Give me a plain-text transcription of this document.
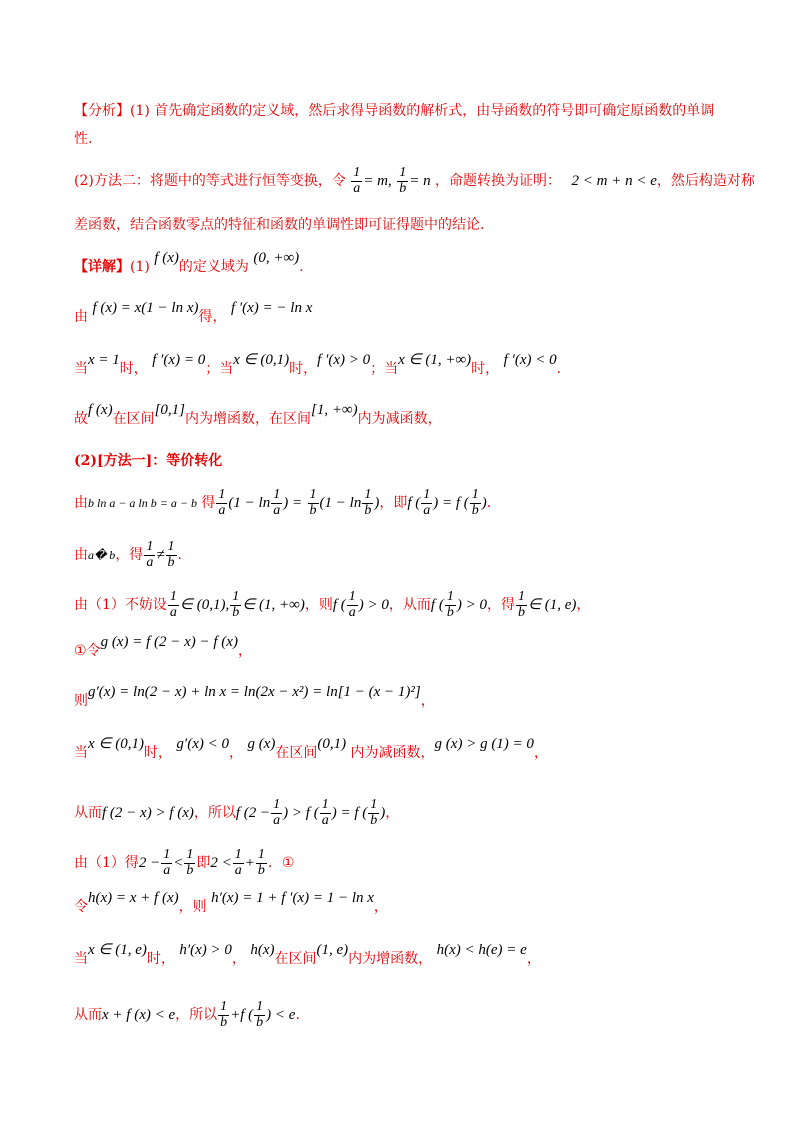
【分析】(1) 首先确定函数的定义域，然后求得导函数的解析式，由导函数的符号即可确定原函数的单调
性.
(2)方法二：将题中的等式进行恒等变换，令 $\frac{1}{a} = m$, $\frac{1}{b} = n$ ，命题转换为证明： 2 < m + n < e，然后构造对称
差函数，结合函数零点的特征和函数的单调性即可证得题中的结论.
【详解】(1) f (x)的定义域为 (0, +∞).
由 f (x) = x(1 − ln x)得， f ′(x) = − ln x
当x = 1时， f ′(x) = 0；当x ∈ (0,1)时，f ′(x) > 0；当x ∈ (1, +∞)时， f ′(x) < 0.
故f (x)在区间[0,1]内为增函数，在区间[1, +∞)内为减函数，
(2)[方法一]：等价转化
由b ln a − a ln b = a − b 得 $\frac{1}{a} (1 - \ln \frac{1}{a}$ ) = $\frac{1}{b} (1 - \ln \frac{1}{b}$ )，即f ( $\frac{1}{a}$ ) = f ( $\frac{1}{b}$ ).
由a� b，得 $\frac{1}{a} \ne \frac{1}{b}$ .
由（1）不妨设 $\frac{1}{a}$ ∈ (0,1), $\frac{1}{b}$ ∈ (1, +∞)，则f ( $\frac{1}{a}$ ) > 0，从而f ( $\frac{1}{b}$ ) > 0，得 $\frac{1}{b}$ ∈ (1, e)，
①令g (x) = f (2 − x) − f (x)，
则g′(x) = ln(2 − x) + ln x = ln(2x − x²) = ln[1 − (x − 1)²]，
当x ∈ (0,1)时， g′(x) < 0， g (x)在区间(0,1) 内为减函数，g (x) > g (1) = 0，
从而f (2 − x) > f (x)，所以f ($2 - \frac{1}{a}$ ) > f ( $\frac{1}{a}$ ) = f ( $\frac{1}{b}$ )，
由（1）得$2 - \frac{1}{a} < \frac{1}{b}$ 即$2 < \frac{1}{a} + \frac{1}{b}$ ．①
令h(x) = x + f (x)，则 h′(x) = 1 + f ′(x) = 1 − ln x，
当x ∈ (1, e)时， h′(x) > 0， h(x)在区间(1, e)内为增函数， h(x) < h(e) = e，
从而x + f (x) < e，所以 $\frac{1}{b} +f$ ( $\frac{1}{b}$ ) < e.
